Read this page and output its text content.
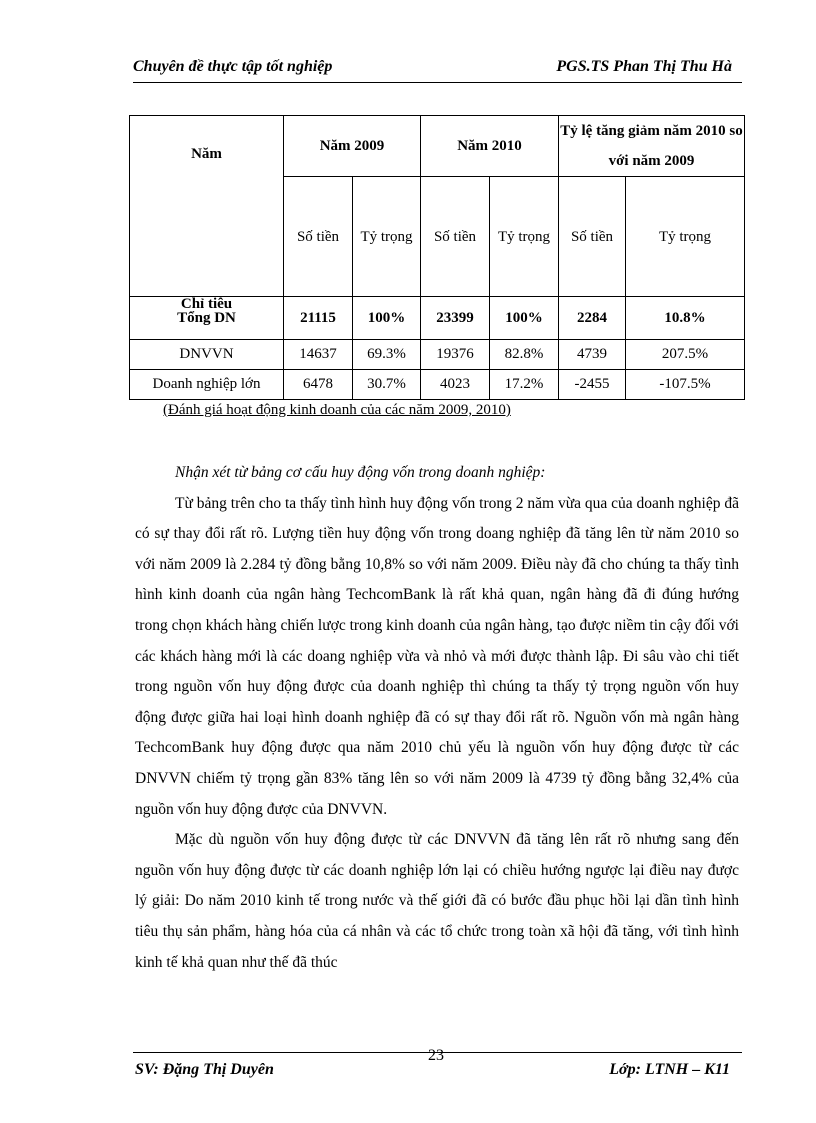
Chuyên đề thực tập tốt nghiệp	PGS.TS Phan Thị Thu Hà
Năm
Chỉ tiêu	Năm 2009		Năm 2010		Tỷ lệ tăng giảm năm 2010 so với năm 2009	
	Số tiền	Tỷ trọng	Số tiền	Tỷ trọng	Số tiền	Tỷ trọng
Tổng DN	21115	100%	23399	100%	2284	10.8%
DNVVN	14637	69.3%	19376	82.8%	4739	207.5%
Doanh nghiệp lớn	6478	30.7%	4023	17.2%	-2455	-107.5%
(Đánh giá hoạt động kinh doanh của các năm 2009, 2010)

Nhận xét từ bảng cơ cấu huy động vốn trong doanh nghiệp:

Từ bảng trên cho ta thấy tình hình huy động vốn trong 2 năm vừa qua của doanh nghiệp đã có sự thay đổi rất rõ. Lượng tiền huy động vốn trong doang nghiệp đã tăng lên từ năm 2010 so với năm 2009 là 2.284 tỷ đồng bằng 10,8% so với năm 2009. Điều này đã cho chúng ta thấy tình hình kinh doanh của ngân hàng TechcomBank là rất khả quan, ngân hàng đã đi đúng hướng trong chọn khách hàng chiến lược trong kinh doanh của ngân hàng, tạo được niềm tin cậy đối với các khách hàng mới là các doang nghiệp vừa và nhỏ và mới được thành lập. Đi sâu vào chi tiết trong nguồn vốn huy động được của doanh nghiệp thì chúng ta thấy tỷ trọng nguồn vốn huy động được giữa hai loại hình doanh nghiệp đã có sự thay đổi rất rõ. Nguồn vốn mà ngân hàng TechcomBank huy động được qua năm 2010 chủ yếu là nguồn vốn huy động được từ các DNVVN chiếm tỷ trọng gần 83% tăng lên so với năm 2009 là 4739 tỷ đồng bằng 32,4% của nguồn vốn huy động được của DNVVN.

Mặc dù nguồn vốn huy động được từ các DNVVN đã tăng lên rất rõ nhưng sang đến nguồn vốn huy động được từ các doanh nghiệp lớn lại có chiều hướng ngược lại điều nay được lý giải: Do năm 2010 kinh tế trong nước và thế giới đã có bước đầu phục hồi lại dần tình hình tiêu thụ sản phẩm, hàng hóa của cá nhân và các tổ chức trong toàn xã hội đã tăng, với tình hình kinh tế khả quan như thế đã thúc

SV: Đặng Thị Duyên
23
Lớp: LTNH – K11
